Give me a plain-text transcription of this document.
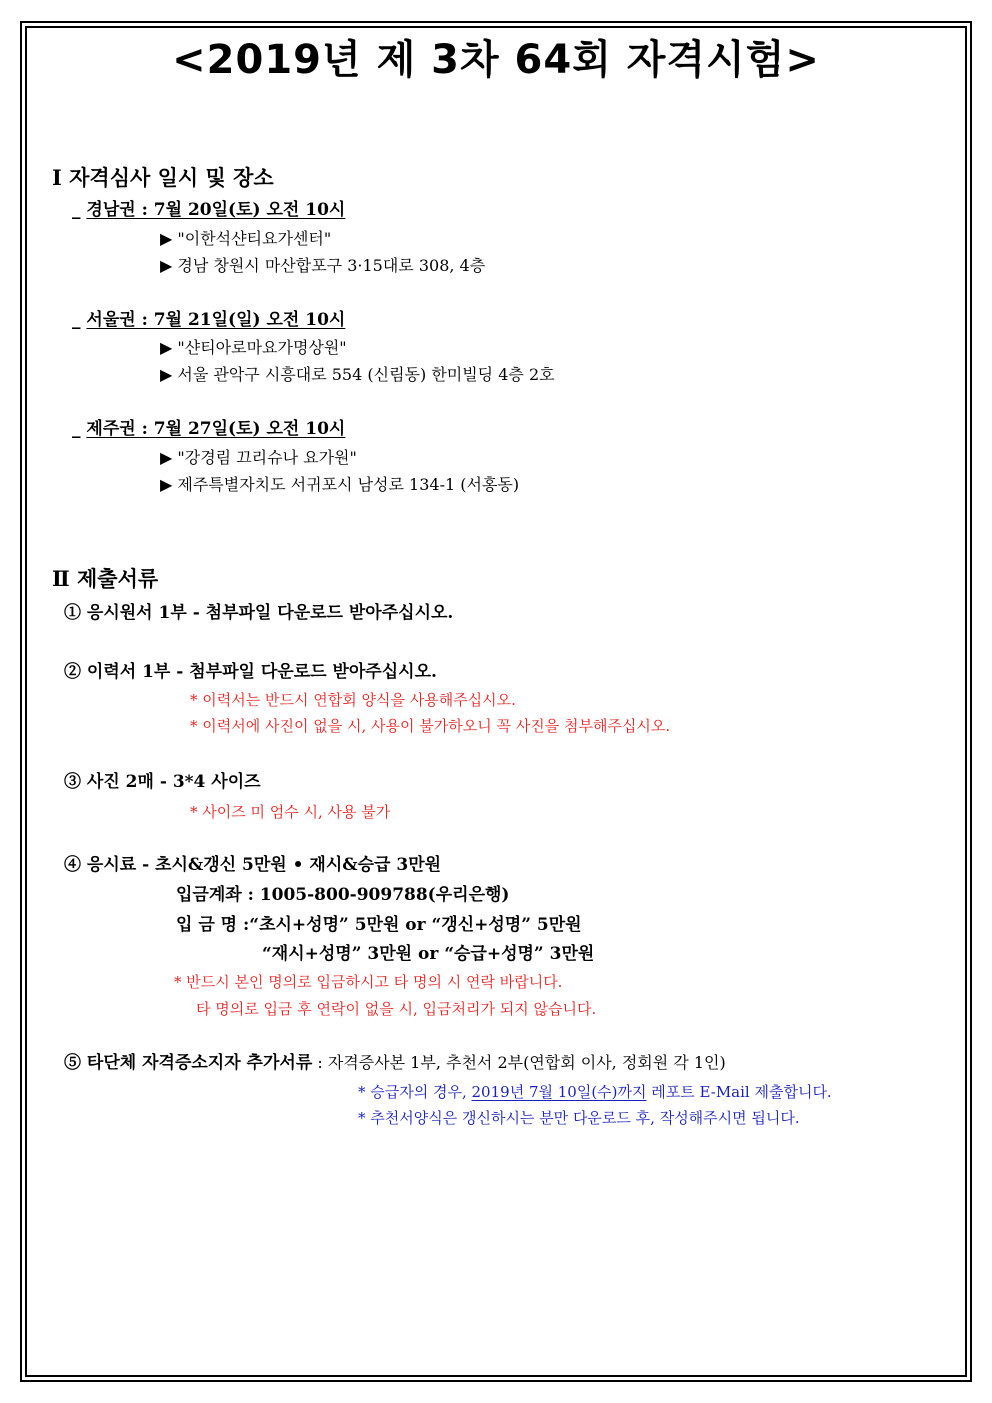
<2019년 제 3차 64회 자격시험>
Ⅰ 자격심사 일시 및 장소
_ 경남권 : 7월 20일(토) 오전 10시
▶ "이한석샨티요가센터"
▶ 경남 창원시 마산합포구 3·15대로 308, 4층
_ 서울권 : 7월 21일(일) 오전 10시
▶ "샨티아로마요가명상원"
▶ 서울 관악구 시흥대로 554 (신림동) 한미빌딩 4층 2호
_ 제주권 : 7월 27일(토) 오전 10시
▶ "강경림 끄리슈나 요가원"
▶ 제주특별자치도 서귀포시 남성로 134-1 (서홍동)
Ⅱ 제출서류
① 응시원서 1부 - 첨부파일 다운로드 받아주십시오.
② 이력서 1부 - 첨부파일 다운로드 받아주십시오.
* 이력서는 반드시 연합회 양식을 사용해주십시오.
* 이력서에 사진이 없을 시, 사용이 불가하오니 꼭 사진을 첨부해주십시오.
③ 사진 2매 - 3*4 사이즈
* 사이즈 미 엄수 시, 사용 불가
④ 응시료 - 초시&갱신 5만원 • 재시&승급 3만원
입금계좌 : 1005-800-909788(우리은행)
입 금 명 :“초시+성명” 5만원 or “갱신+성명” 5만원
“재시+성명” 3만원 or “승급+성명” 3만원
* 반드시 본인 명의로 입금하시고 타 명의 시 연락 바랍니다.
타 명의로 입금 후 연락이 없을 시, 입금처리가 되지 않습니다.
⑤ 타단체 자격증소지자 추가서류 : 자격증사본 1부, 추천서 2부(연합회 이사, 정회원 각 1인)
* 승급자의 경우, 2019년 7월 10일(수)까지 레포트 E-Mail 제출합니다.
* 추천서양식은 갱신하시는 분만 다운로드 후, 작성해주시면 됩니다.
